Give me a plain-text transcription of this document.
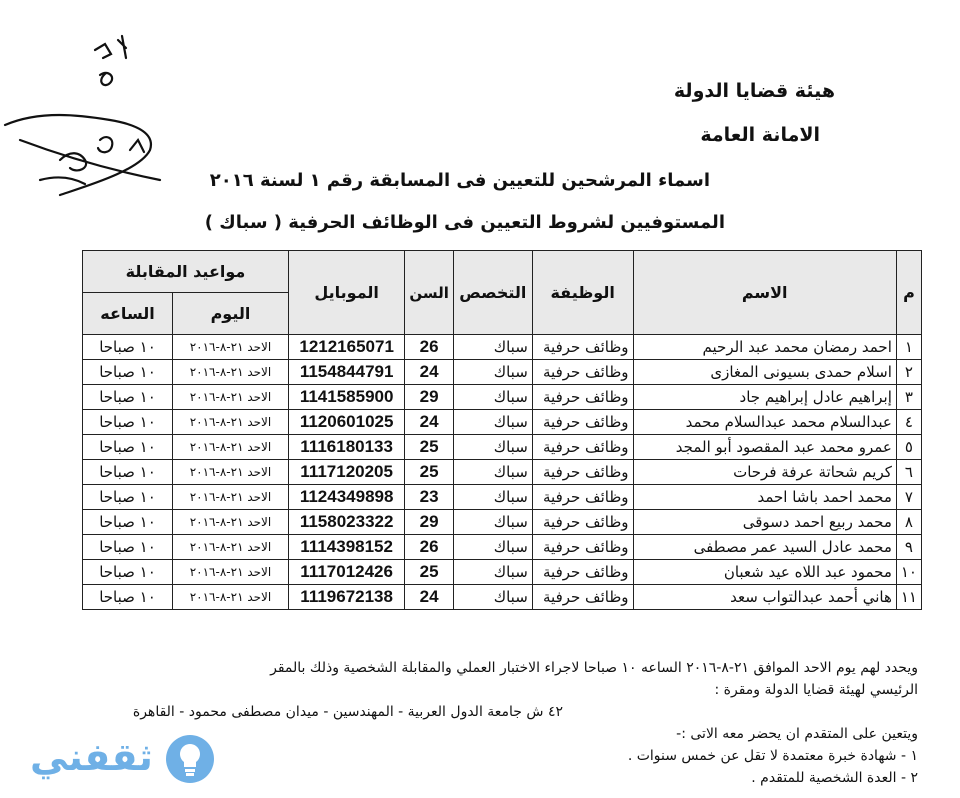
هيئة قضايا الدولة
الامانة العامة
اسماء المرشحين للتعيين فى المسابقة رقم ١ لسنة ٢٠١٦
المستوفيين لشروط التعيين فى الوظائف الحرفية ( سباك )
م	الاسم	الوظيفة	التخصص	السن	الموبايل	مواعيد المقابلة	
						اليوم	الساعه
١	احمد رمضان محمد عبد الرحيم	وظائف حرفية	سباك	26	1212165071	الاحد ٢١-٨-٢٠١٦	١٠ صباحا
٢	اسلام حمدى بسيونى المغازى	وظائف حرفية	سباك	24	1154844791	الاحد ٢١-٨-٢٠١٦	١٠ صباحا
٣	إبراهيم عادل إبراهيم جاد	وظائف حرفية	سباك	29	1141585900	الاحد ٢١-٨-٢٠١٦	١٠ صباحا
٤	عبدالسلام محمد عبدالسلام محمد	وظائف حرفية	سباك	24	1120601025	الاحد ٢١-٨-٢٠١٦	١٠ صباحا
٥	عمرو محمد عبد المقصود أبو المجد	وظائف حرفية	سباك	25	1116180133	الاحد ٢١-٨-٢٠١٦	١٠ صباحا
٦	كريم شحاتة عرفة فرحات	وظائف حرفية	سباك	25	1117120205	الاحد ٢١-٨-٢٠١٦	١٠ صباحا
٧	محمد احمد باشا احمد	وظائف حرفية	سباك	23	1124349898	الاحد ٢١-٨-٢٠١٦	١٠ صباحا
٨	محمد ربيع احمد دسوقى	وظائف حرفية	سباك	29	1158023322	الاحد ٢١-٨-٢٠١٦	١٠ صباحا
٩	محمد عادل السيد عمر مصطفى	وظائف حرفية	سباك	26	1114398152	الاحد ٢١-٨-٢٠١٦	١٠ صباحا
١٠	محمود عبد اللاه عيد شعبان	وظائف حرفية	سباك	25	1117012426	الاحد ٢١-٨-٢٠١٦	١٠ صباحا
١١	هاني أحمد عبدالتواب سعد	وظائف حرفية	سباك	24	1119672138	الاحد ٢١-٨-٢٠١٦	١٠ صباحا

ويحدد لهم يوم الاحد الموافق ٢١-٨-٢٠١٦ الساعه ١٠ صباحا لاجراء الاختبار العملي والمقابلة الشخصية وذلك بالمقر

الرئيسي لهيئة قضايا الدولة ومقرة :

٤٢ ش جامعة الدول العربية - المهندسين - ميدان مصطفى محمود - القاهرة

ويتعين على المتقدم ان يحضر معه الاتى :-

١ - شهادة خبرة معتمدة لا تقل عن خمس سنوات .

٢ - العدة الشخصية للمتقدم .

ثقفني
